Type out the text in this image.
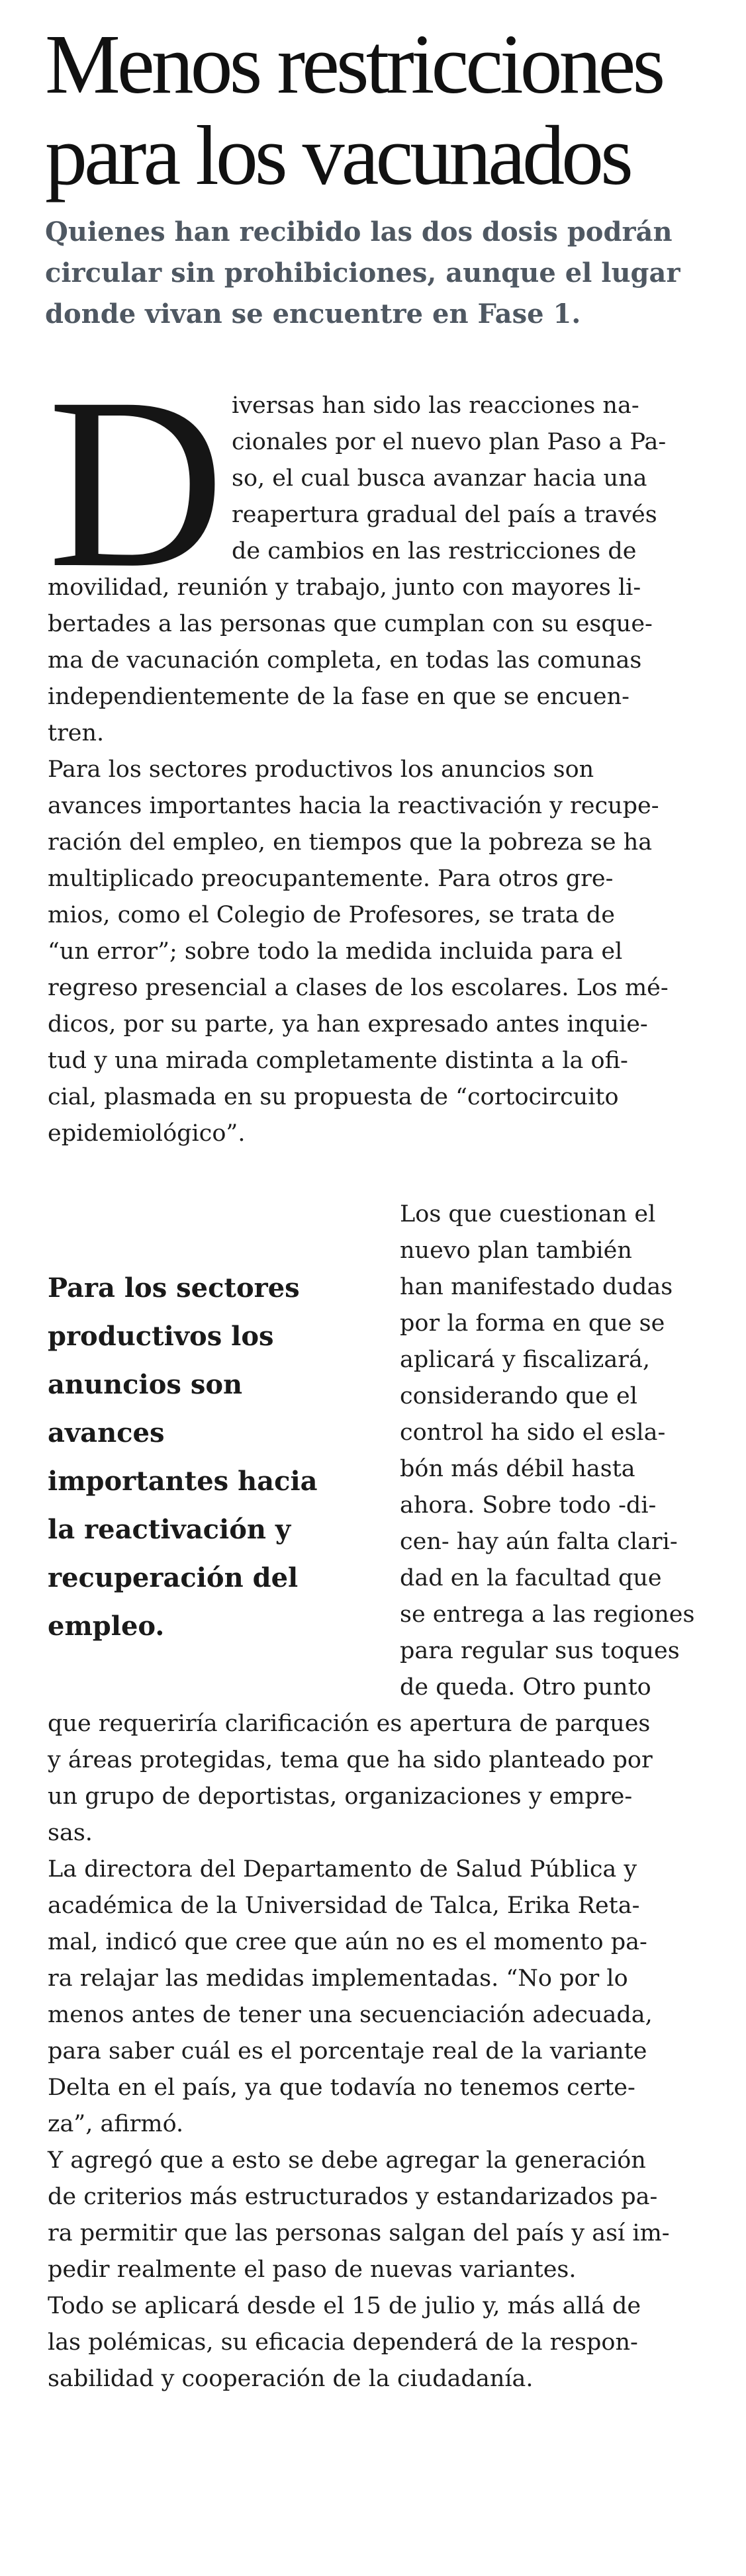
Menos restricciones
para los vacunados

Quienes han recibido las dos dosis podrán
circular sin prohibiciones, aunque el lugar
donde vivan se encuentre en Fase 1.

D iversas han sido las reacciones na-
cionales por el nuevo plan Paso a Pa-
so, el cual busca avanzar hacia una
reapertura gradual del país a través
de cambios en las restricciones de
movilidad, reunión y trabajo, junto con mayores li-
bertades a las personas que cumplan con su esque-
ma de vacunación completa, en todas las comunas
independientemente de la fase en que se encuen-
tren.
Para los sectores productivos los anuncios son
avances importantes hacia la reactivación y recupe-
ración del empleo, en tiempos que la pobreza se ha
multiplicado preocupantemente. Para otros gre-
mios, como el Colegio de Profesores, se trata de
“un error”; sobre todo la medida incluida para el
regreso presencial a clases de los escolares. Los mé-
dicos, por su parte, ya han expresado antes inquie-
tud y una mirada completamente distinta a la ofi-
cial, plasmada en su propuesta de “cortocircuito
epidemiológico”.
Para los sectores
productivos los
anuncios son
avances
importantes hacia
la reactivación y
recuperación del
empleo.
Los que cuestionan el
nuevo plan también
han manifestado dudas
por la forma en que se
aplicará y fiscalizará,
considerando que el
control ha sido el esla-
bón más débil hasta
ahora. Sobre todo -di-
cen- hay aún falta clari-
dad en la facultad que
se entrega a las regiones
para regular sus toques
de queda. Otro punto
que requeriría clarificación es apertura de parques
y áreas protegidas, tema que ha sido planteado por
un grupo de deportistas, organizaciones y empre-
sas.
La directora del Departamento de Salud Pública y
académica de la Universidad de Talca, Erika Reta-
mal, indicó que cree que aún no es el momento pa-
ra relajar las medidas implementadas. “No por lo
menos antes de tener una secuenciación adecuada,
para saber cuál es el porcentaje real de la variante
Delta en el país, ya que todavía no tenemos certe-
za”, afirmó.
Y agregó que a esto se debe agregar la generación
de criterios más estructurados y estandarizados pa-
ra permitir que las personas salgan del país y así im-
pedir realmente el paso de nuevas variantes.
Todo se aplicará desde el 15 de julio y, más allá de
las polémicas, su eficacia dependerá de la respon-
sabilidad y cooperación de la ciudadanía.
